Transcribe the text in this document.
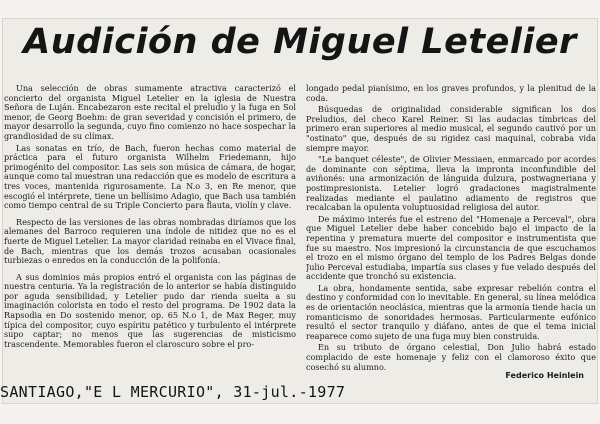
Audición de Miguel Letelier

Una selección de obras sumamente atractiva caracterizó el concierto del organista Miguel Letelier en la iglesia de Nuestra Señora de Luján. Encabezaron este recital el preludio y la fuga en Sol menor, de Georg Boehm: de gran severidad y concisión el primero, de mayor desarrollo la segunda, cuyo fino comienzo no hace sospechar la grandiosidad de su clímax.

Las sonatas en trío, de Bach, fueron hechas como material de práctica para el futuro organista Wilhelm Friedemann, hijo primogénito del compositor. Las seis son música de cámara, de hogar, aunque como tal muestran una redacción que es modelo de escritura a tres voces, mantenida rigurosamente. La N.o 3, en Re menor, que escogió el intérprete, tiene un bellísimo Adagio, que Bach usa también como tiempo central de su Triple Concierto para flauta, violín y clave.

Respecto de las versiones de las obras nombradas diríamos que los alemanes del Barroco requieren una índole de nitidez que no es el fuerte de Miguel Letelier. La mayor claridad reinaba en el Vivace final, de Bach, mientras que los demás trozos acusaban ocasionales turbiezas o enredos en la conducción de la polifonía.

A sus dominios más propios entró el organista con las páginas de nuestra centuria. Ya la registración de lo anterior se había distinguido por aguda sensibilidad, y Letelier pudo dar rienda suelta a su imaginación colorista en todo el resto del programa. De 1902 data la Rapsodia en Do sostenido menor, op. 65 N.o 1, de Max Reger, muy típica del compositor, cuyo espíritu patético y turbulento el intérprete supo captar; no menos que las sugerencias de misticismo trascendente. Memorables fueron el claroscuro sobre el pro-

longado pedal pianísimo, en los graves profundos, y la plenitud de la coda.

Búsquedas de originalidad considerable significan los dos Preludios, del checo Karel Reiner. Si las audacias tímbricas del primero eran superiores al medio musical, el segundo cautivó por un "ostinato" que, después de su rigidez casi maquinal, cobraba vida siempre mayor.

"Le banquet céleste", de Olivier Messiaen, enmarcado por acordes de dominante con séptima, lleva la impronta inconfundible del aviñonés: una armonización de lánguida dulzura, postwagneriana y postimpresionista. Letelier logró gradaciones magistralmente realizadas mediante el paulatino adiamento de registros que recalcaban la opulenta voluptuosidad religiosa del autor.

De máximo interés fue el estreno del "Homenaje a Perceval", obra que Miguel Letelier debe haber concebido bajo el impacto de la repentina y prematura muerte del compositor e instrumentista que fue su maestro. Nos impresionó la circunstancia de que escuchamos el trozo en el mismo órgano del templo de los Padres Belgas donde Julio Perceval estudiaba, impartía sus clases y fue velado después del accidente que tronchó su existencia.

La obra, hondamente sentida, sabe expresar rebelión contra el destino y conformidad con lo inevitable. En general, su línea melódica es de orientación neoclásica, mientras que la armonía tiende hacia un romanticismo de sonoridades hermosas. Particularmente eufónico resultó el sector tranquilo y diáfano, antes de que el tema inicial reaparece como sujeto de una fuga muy bien construida.

En su tributo de órgano celestial, Don Julio habrá estado complacido de este homenaje y feliz con el clamoroso éxito que cosechó su alumno.

Federico Heinlein
SANTIAGO,"E L MERCURIO", 31-jul.-1977
